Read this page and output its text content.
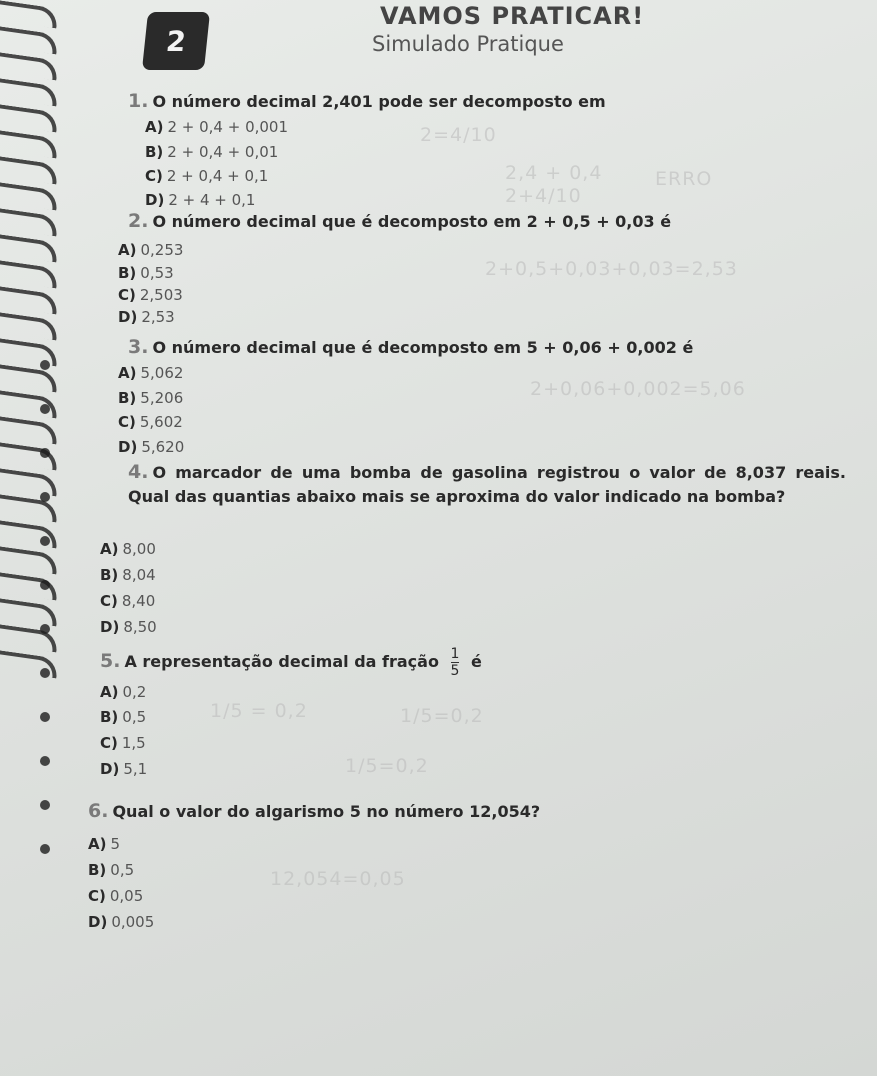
2
VAMOS PRATICAR!
Simulado Pratique
1. O número decimal 2,401 pode ser decomposto em
A) 2 + 0,4 + 0,001
B) 2 + 0,4 + 0,01
C) 2 + 0,4 + 0,1
D) 2 + 4 + 0,1
2. O número decimal que é decomposto em 2 + 0,5 + 0,03 é
A) 0,253
B) 0,53
C) 2,503
D) 2,53
3. O número decimal que é decomposto em 5 + 0,06 + 0,002 é
A) 5,062
B) 5,206
C) 5,602
D) 5,620
4. O marcador de uma bomba de gasolina registrou o valor de 8,037 reais. Qual das quantias abaixo mais se aproxima do valor indicado na bomba?
A) 8,00
B) 8,04
C) 8,40
D) 8,50
5. A representação decimal da fração $\frac{1}{5}$ é
A) 0,2
B) 0,5
C) 1,5
D) 5,1
6. Qual o valor do algarismo 5 no número 12,054?
A) 5
B) 0,5
C) 0,05
D) 0,005
2=4/10
2,4 + 0,4
2+4/10
ERRO
2+0,5+0,03+0,03=2,53
2+0,06+0,002=5,06
1/5 = 0,2	1/5=0,2
1/5=0,2
12,054=0,05
